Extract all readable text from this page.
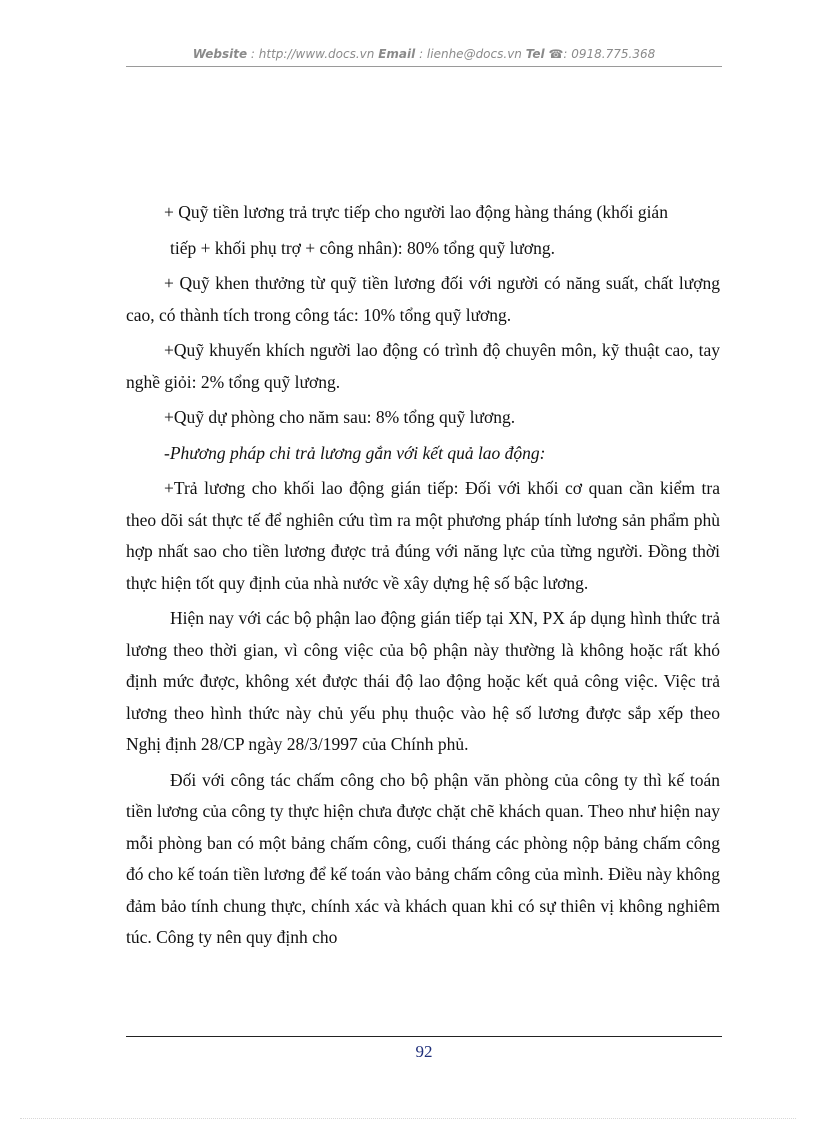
Website : http://www.docs.vn Email : lienhe@docs.vn Tel ☎: 0918.775.368

+ Quỹ tiền lương trả trực tiếp cho người lao động hàng tháng (khối gián

tiếp + khối phụ trợ + công nhân): 80% tổng quỹ lương.

+ Quỹ khen thưởng từ quỹ tiền lương đối với người có năng suất, chất lượng cao, có thành tích trong công tác: 10% tổng quỹ lương.

+Quỹ khuyến khích người lao động có trình độ chuyên môn, kỹ thuật cao, tay nghề giỏi: 2% tổng quỹ lương.

+Quỹ dự phòng cho năm sau: 8% tổng quỹ lương.

-Phương pháp chi trả lương gắn với kết quả lao động:

+Trả lương cho khối lao động gián tiếp: Đối với khối cơ quan cần kiểm tra theo dõi sát thực tế để nghiên cứu tìm ra một phương pháp tính lương sản phẩm phù hợp nhất sao cho tiền lương được trả đúng với năng lực của từng người. Đồng thời thực hiện tốt quy định của nhà nước về xây dựng hệ số bậc lương.

Hiện nay với các bộ phận lao động gián tiếp tại XN, PX áp dụng hình thức trả lương theo thời gian, vì công việc của bộ phận này thường là không hoặc rất khó định mức được, không xét được thái độ lao động hoặc kết quả công việc. Việc trả lương theo hình thức này chủ yếu phụ thuộc vào hệ số lương được sắp xếp theo Nghị định 28/CP ngày 28/3/1997 của Chính phủ.

Đối với công tác chấm công cho bộ phận văn phòng của công ty thì kế toán tiền lương của công ty thực hiện chưa được chặt chẽ khách quan. Theo như hiện nay mỗi phòng ban có một bảng chấm công, cuối tháng các phòng nộp bảng chấm công đó cho kế toán tiền lương để kế toán vào bảng chấm công của mình. Điều này không đảm bảo tính chung thực, chính xác và khách quan khi có sự thiên vị không nghiêm túc. Công ty nên quy định cho

92
